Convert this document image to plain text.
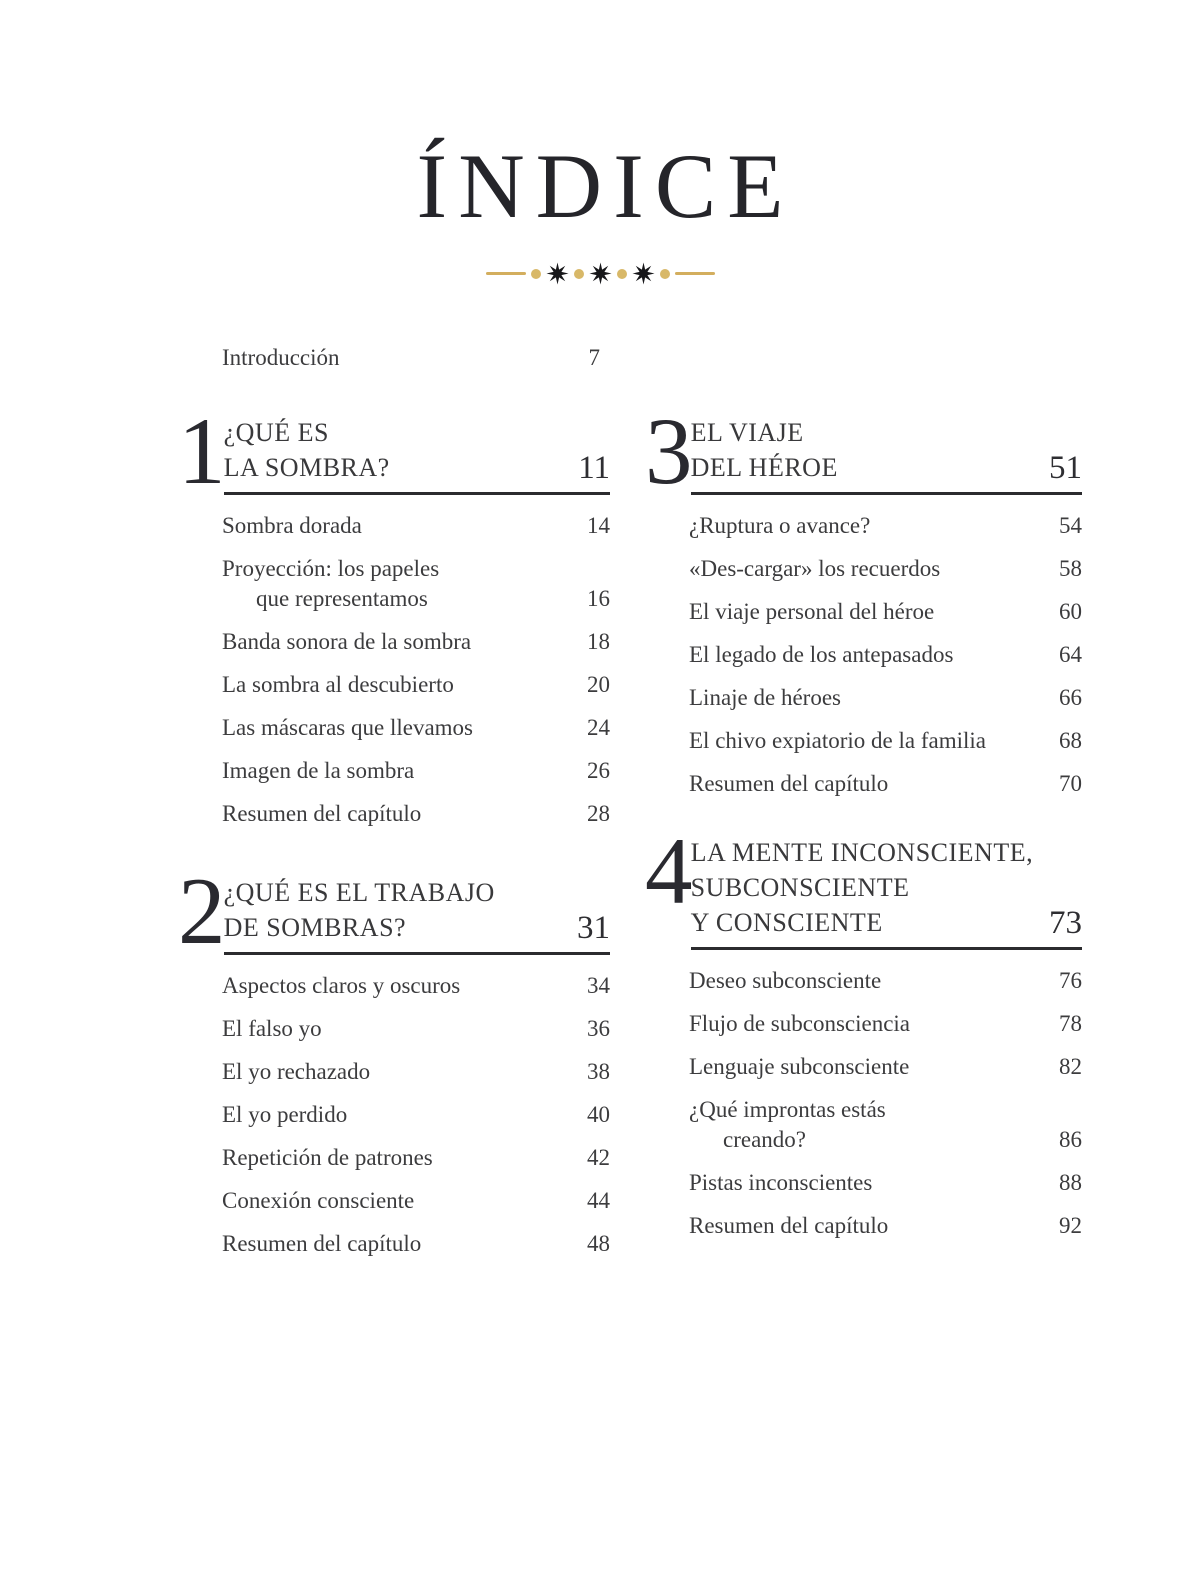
ÍNDICE
Introducción	7
1 ¿QUÉ ES
LA SOMBRA?	11
Sombra dorada	14
Proyección: los papeles
que representamos	16
Banda sonora de la sombra	18
La sombra al descubierto	20
Las máscaras que llevamos	24
Imagen de la sombra	26
Resumen del capítulo	28
2 ¿QUÉ ES EL TRABAJO
DE SOMBRAS?	31
Aspectos claros y oscuros	34
El falso yo	36
El yo rechazado	38
El yo perdido	40
Repetición de patrones	42
Conexión consciente	44
Resumen del capítulo	48
3 EL VIAJE
DEL HÉROE	51
¿Ruptura o avance?	54
«Des-cargar» los recuerdos	58
El viaje personal del héroe	60
El legado de los antepasados	64
Linaje de héroes	66
El chivo expiatorio de la familia	68
Resumen del capítulo	70
4 LA MENTE INCONSCIENTE,
SUBCONSCIENTE
Y CONSCIENTE	73
Deseo subconsciente	76
Flujo de subconsciencia	78
Lenguaje subconsciente	82
¿Qué improntas estás
creando?	86
Pistas inconscientes	88
Resumen del capítulo	92
